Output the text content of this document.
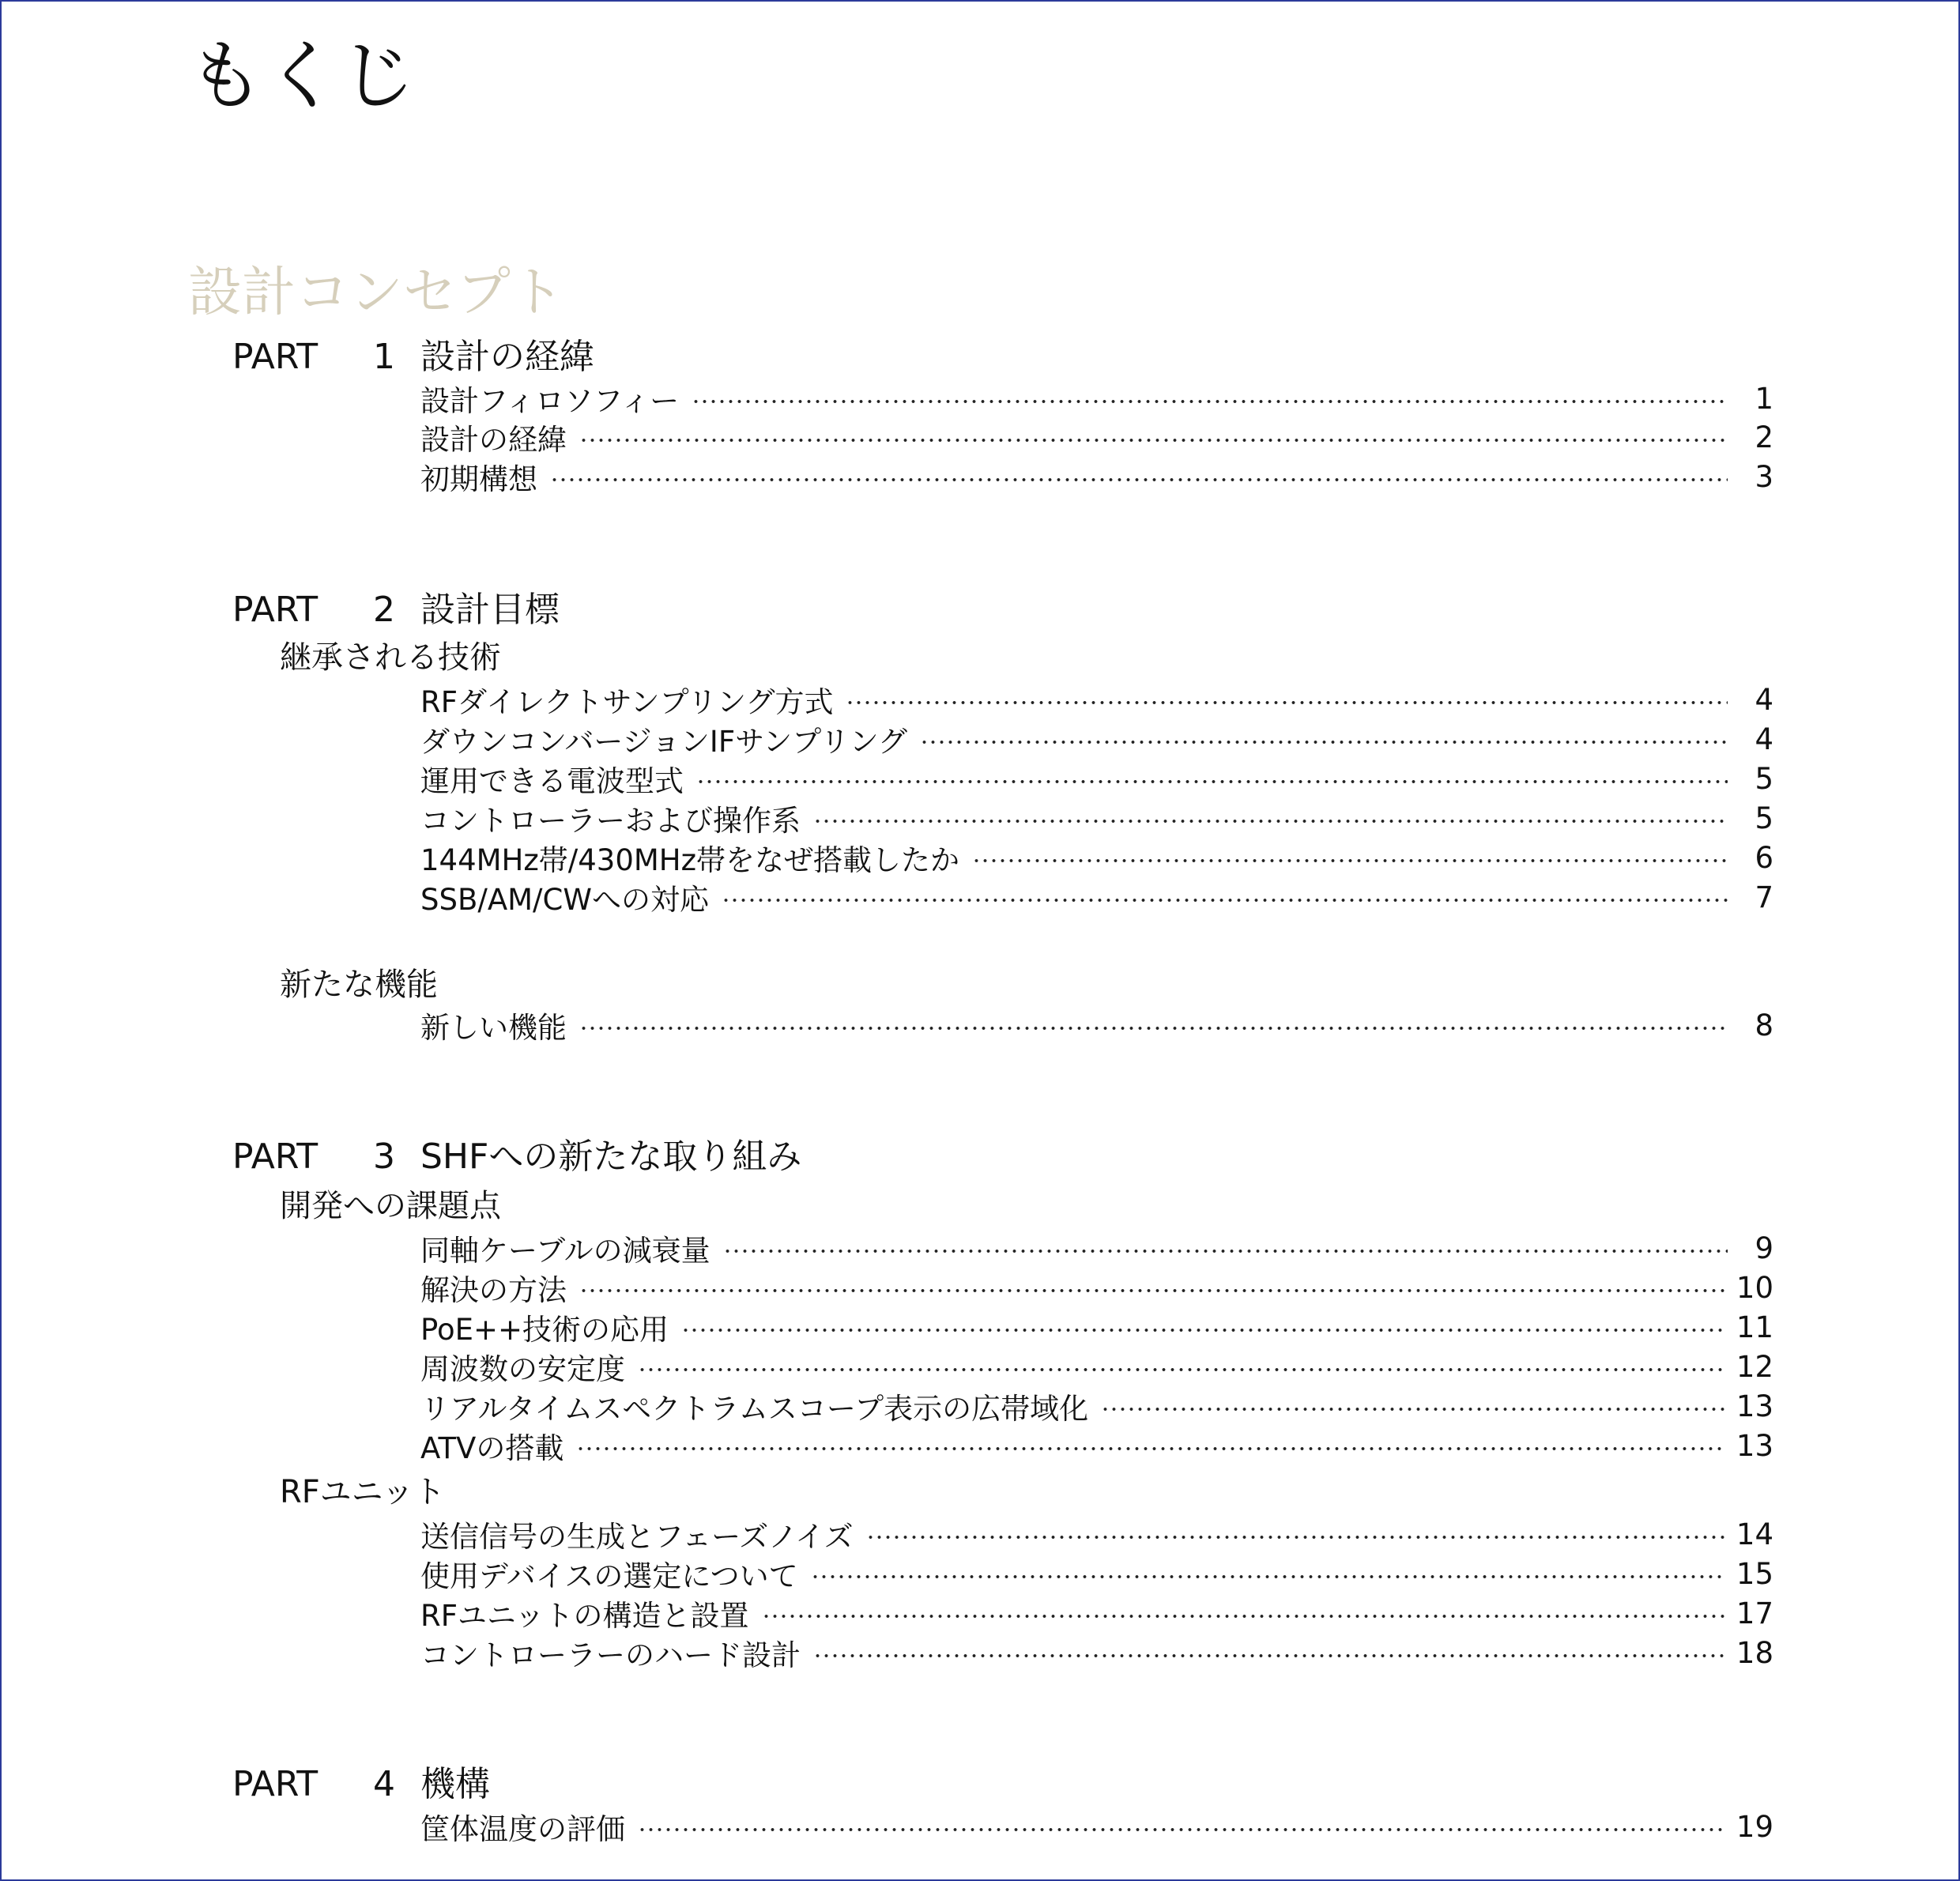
もくじ
設計コンセプト
PART 1 設計の経緯
設計フィロソフィー	1
設計の経緯	2
初期構想	3
PART 2 設計目標
継承される技術
RFダイレクトサンプリング方式	4
ダウンコンバージョンIFサンプリング	4
運用できる電波型式	5
コントローラーおよび操作系	5
144MHz帯/430MHz帯をなぜ搭載したか	6
SSB/AM/CWへの対応	7
新たな機能
新しい機能	8
PART 3 SHFへの新たな取り組み
開発への課題点
同軸ケーブルの減衰量	9
解決の方法	10
PoE++技術の応用	11
周波数の安定度	12
リアルタイムスペクトラムスコープ表示の広帯域化	13
ATVの搭載	13
RFユニット
送信信号の生成とフェーズノイズ	14
使用デバイスの選定について	15
RFユニットの構造と設置	17
コントローラーのハード設計	18
PART 4 機構
筐体温度の評価	19
